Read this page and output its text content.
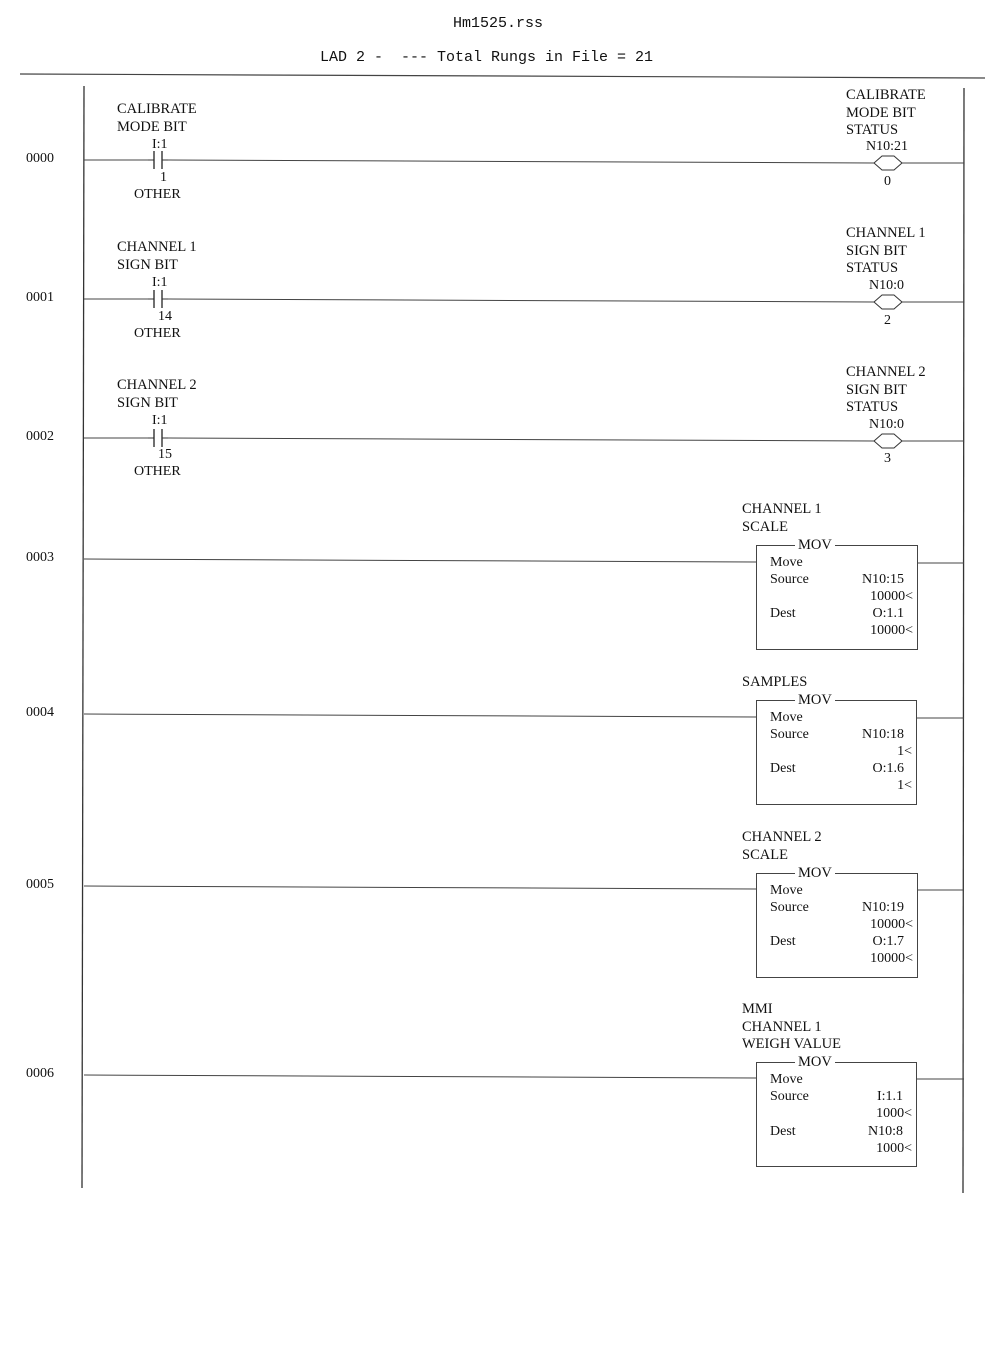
Hm1525.rss
LAD 2 -  --- Total Rungs in File = 21
0000
CALIBRATE
MODE BIT
I:1
1
OTHER
CALIBRATE
MODE BIT
STATUS
N10:21
0
0001
CHANNEL 1
SIGN BIT
I:1
14
OTHER
CHANNEL 1
SIGN BIT
STATUS
N10:0
2
0002
CHANNEL 2
SIGN BIT
I:1
15
OTHER
CHANNEL 2
SIGN BIT
STATUS
N10:0
3
0003
CHANNEL 1
SCALE
MOV
Move
Source	N10:15
10000<
Dest	O:1.1
10000<
0004
SAMPLES
MOV
Move
Source	N10:18
1<
Dest	O:1.6
1<
0005
CHANNEL 2
SCALE
MOV
Move
Source	N10:19
10000<
Dest	O:1.7
10000<
0006
MMI
CHANNEL 1
WEIGH VALUE
MOV
Move
Source	I:1.1
1000<
Dest	N10:8
1000<
